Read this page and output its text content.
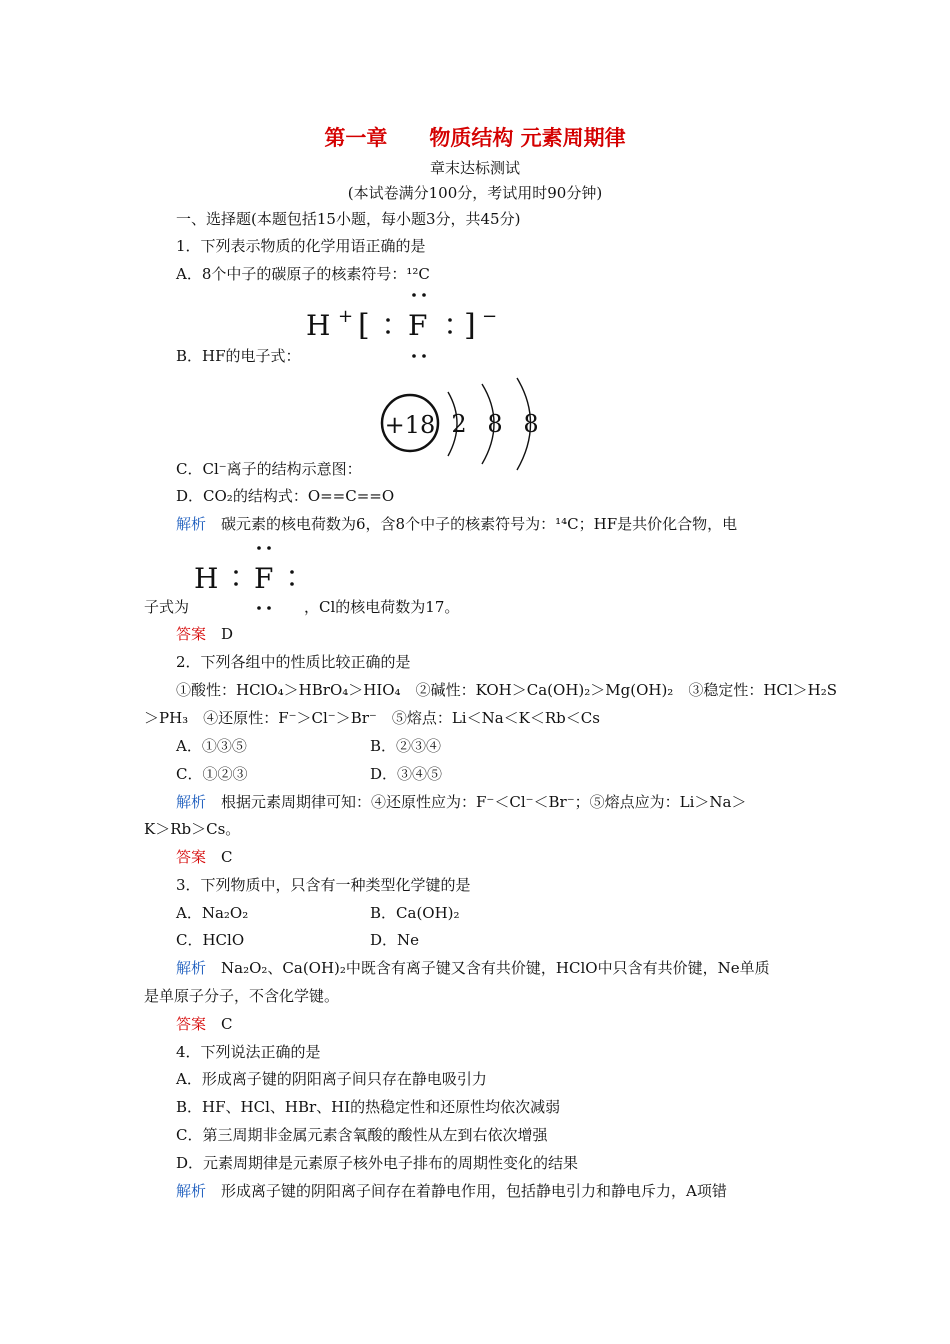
第一章　　物质结构 元素周期律
章末达标测试
(本试卷满分100分，考试用时90分钟)
一、选择题(本题包括15小题，每小题3分，共45分)
1．下列表示物质的化学用语正确的是
A．8个中子的碳原子的核素符号：¹²C
H + [ F ] −
B．HF的电子式：
+18 2 8 8
C．Cl⁻离子的结构示意图：
D．CO₂的结构式：O==C==O
解析　碳元素的核电荷数为6，含8个中子的核素符号为：¹⁴C；HF是共价化合物，电
H F
子式为	，Cl的核电荷数为17。
答案　D
2．下列各组中的性质比较正确的是
①酸性：HClO₄＞HBrO₄＞HIO₄　②碱性：KOH＞Ca(OH)₂＞Mg(OH)₂　③稳定性：HCl＞H₂S
＞PH₃　④还原性：F⁻＞Cl⁻＞Br⁻　⑤熔点：Li＜Na＜K＜Rb＜Cs
A．①③⑤	B．②③④
C．①②③	D．③④⑤
解析　根据元素周期律可知：④还原性应为：F⁻＜Cl⁻＜Br⁻；⑤熔点应为：Li＞Na＞
K＞Rb＞Cs。
答案　C
3．下列物质中，只含有一种类型化学键的是
A．Na₂O₂	B．Ca(OH)₂
C．HClO	D．Ne
解析　Na₂O₂、Ca(OH)₂中既含有离子键又含有共价键，HClO中只含有共价键，Ne单质
是单原子分子，不含化学键。
答案　C
4．下列说法正确的是
A．形成离子键的阴阳离子间只存在静电吸引力
B．HF、HCl、HBr、HI的热稳定性和还原性均依次减弱
C．第三周期非金属元素含氧酸的酸性从左到右依次增强
D．元素周期律是元素原子核外电子排布的周期性变化的结果
解析　形成离子键的阴阳离子间存在着静电作用，包括静电引力和静电斥力，A项错
